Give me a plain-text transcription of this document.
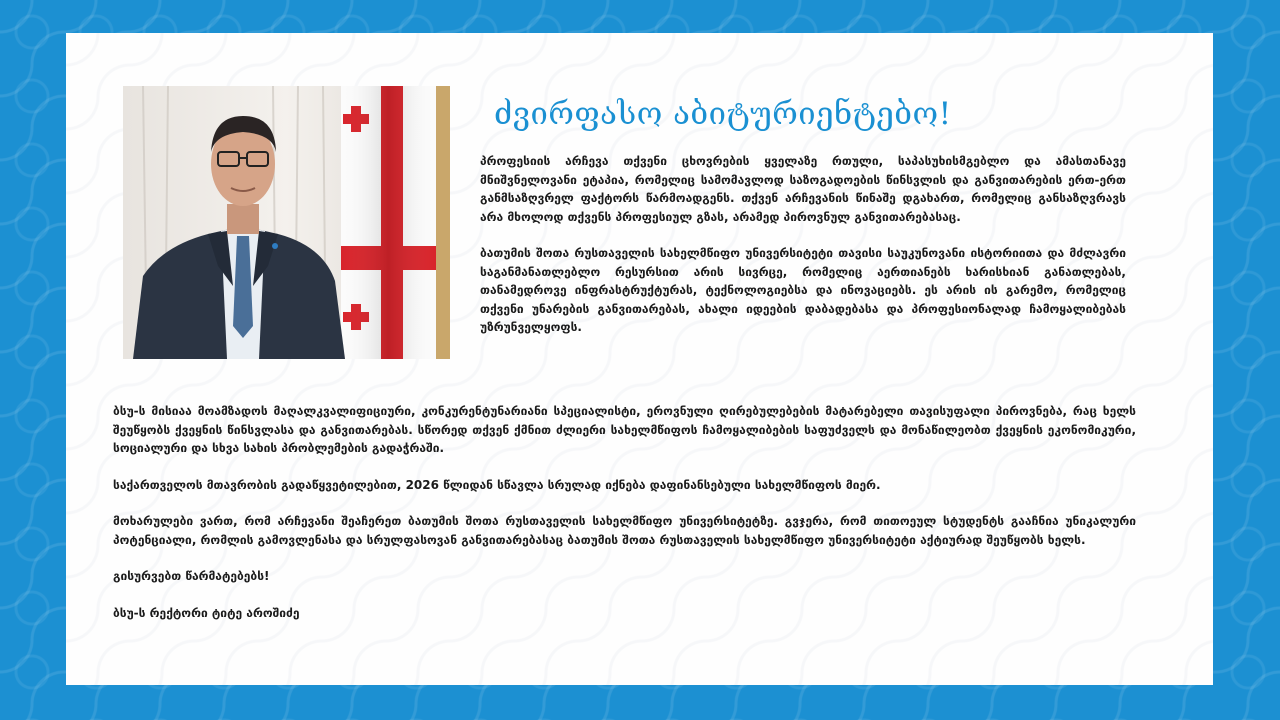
ძვირფასო აბიტურიენტებო!

პროფესიის არჩევა თქვენი ცხოვრების ყველაზე რთული, საპასუხისმგებლო და ამასთანავე მნიშვნელოვანი ეტაპია, რომელიც სამომავლოდ საზოგადოების წინსვლის და განვითარების ერთ-ერთ განმსაზღვრელ ფაქტორს წარმოადგენს. თქვენ არჩევანის წინაშე დგახართ, რომელიც განსაზღვრავს არა მხოლოდ თქვენს პროფესიულ გზას, არამედ პიროვნულ განვითარებასაც.

ბათუმის შოთა რუსთაველის სახელმწიფო უნივერსიტეტი თავისი საუკუნოვანი ისტორიითა და მძლავრი საგანმანათლებლო რესურსით არის სივრცე, რომელიც აერთიანებს ხარისხიან განათლებას, თანამედროვე ინფრასტრუქტურას, ტექნოლოგიებსა და ინოვაციებს. ეს არის ის გარემო, რომელიც თქვენი უნარების განვითარებას, ახალი იდეების დაბადებასა და პროფესიონალად ჩამოყალიბებას უზრუნველყოფს.

ბსუ-ს მისიაა მოამზადოს მაღალკვალიფიციური, კონკურენტუნარიანი სპეციალისტი, ეროვნული ღირებულებების მატარებელი თავისუფალი პიროვნება, რაც ხელს შეუწყობს ქვეყნის წინსვლასა და განვითარებას. სწორედ თქვენ ქმნით ძლიერი სახელმწიფოს ჩამოყალიბების საფუძველს და მონაწილეობთ ქვეყნის ეკონომიკური, სოციალური და სხვა სახის პრობლემების გადაჭრაში.

საქართველოს მთავრობის გადაწყვეტილებით, 2026 წლიდან სწავლა სრულად იქნება დაფინანსებული სახელმწიფოს მიერ.

მოხარულები ვართ, რომ არჩევანი შეაჩერეთ ბათუმის შოთა რუსთაველის სახელმწიფო უნივერსიტეტზე. გვჯერა, რომ თითოეულ სტუდენტს გააჩნია უნიკალური პოტენციალი, რომლის გამოვლენასა და სრულფასოვან განვითარებასაც ბათუმის შოთა რუსთაველის სახელმწიფო უნივერსიტეტი აქტიურად შეუწყობს ხელს.

გისურვებთ წარმატებებს!

ბსუ-ს რექტორი ტიტე აროშიძე
